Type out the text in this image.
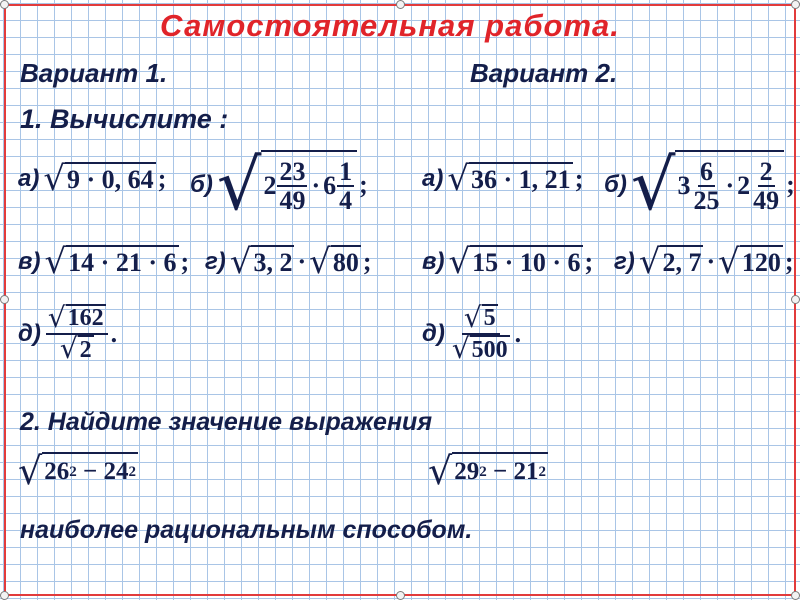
Самостоятельная работа.
Вариант 1.	Вариант 2.
1. Вычислите :
а) √ 9 · 0, 64 ; б) √ $2 \frac{23}{49} \cdot 6 \frac{1}{4}$ ; а) √ 36 · 1, 21 ; б) √ $3 \frac{6}{25} \cdot 2 \frac{2}{49}$ ;
в) √ 14 · 21 · 6 ; г) √ 3, 2 · √ 80 ; в) √ 15 · 10 · 6 ; г) √ 2, 7 · √ 120 ;
$д) \frac{√ 162}{√ 2}$ .	$д) \frac{√ 5}{√ 500}$ .
2. Найдите значение выражения
√ 26 2 − 24 2	√ 29 2 − 21 2
наиболее рациональным способом.
